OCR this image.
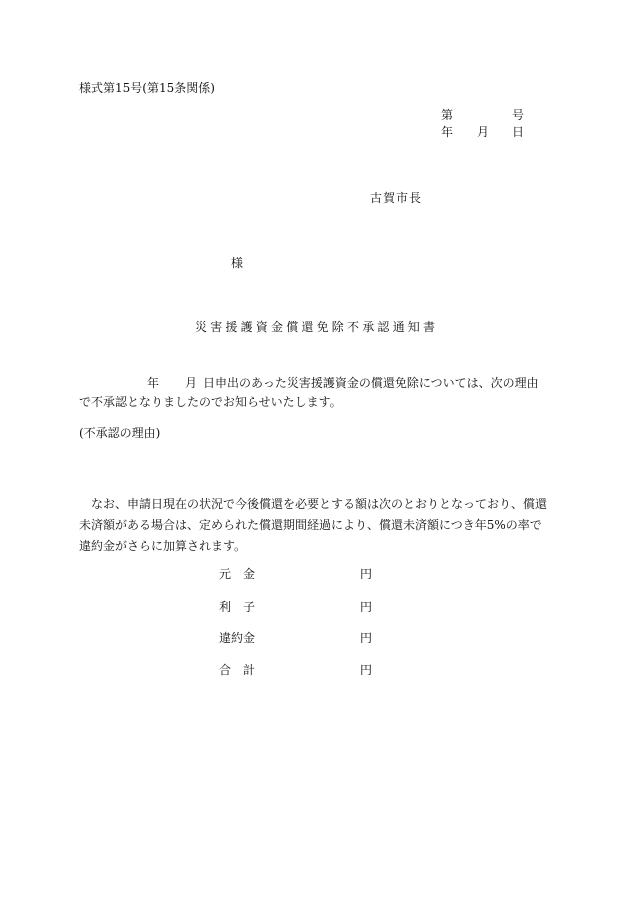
様式第15号(第15条関係)
第	号
年 月 日
古賀市長
様
災害援護資金償還免除不承認通知書
年 月 日申出のあった災害援護資金の償還免除については、次の理由で不承認となりましたのでお知らせいたします。
(不承認の理由)
なお、申請日現在の状況で今後償還を必要とする額は次のとおりとなっており、償還未済額がある場合は、定められた償還期間経過により、償還未済額につき年5%の率で違約金がさらに加算されます。
元金	円
利子	円
違約金	円
合計	円
